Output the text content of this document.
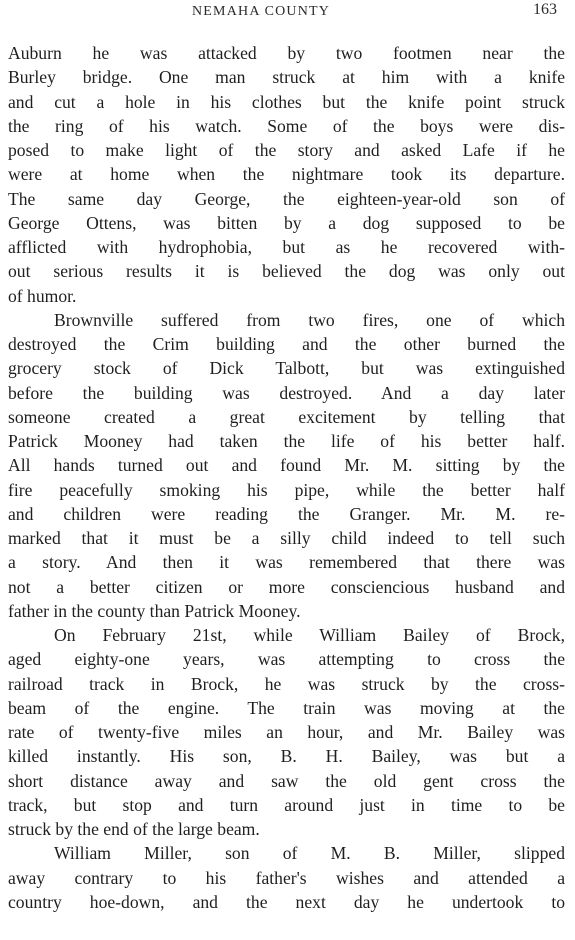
NEMAHA COUNTY	163
Auburn he was attacked by two footmen near the
Burley bridge. One man struck at him with a knife
and cut a hole in his clothes but the knife point struck
the ring of his watch. Some of the boys were dis-
posed to make light of the story and asked Lafe if he
were at home when the nightmare took its departure.
The same day George, the eighteen-year-old son of
George Ottens, was bitten by a dog supposed to be
afflicted with hydrophobia, but as he recovered with-
out serious results it is believed the dog was only out
of humor.
Brownville suffered from two fires, one of which
destroyed the Crim building and the other burned the
grocery stock of Dick Talbott, but was extinguished
before the building was destroyed. And a day later
someone created a great excitement by telling that
Patrick Mooney had taken the life of his better half.
All hands turned out and found Mr. M. sitting by the
fire peacefully smoking his pipe, while the better half
and children were reading the Granger. Mr. M. re-
marked that it must be a silly child indeed to tell such
a story. And then it was remembered that there was
not a better citizen or more consciencious husband and
father in the county than Patrick Mooney.
On February 21st, while William Bailey of Brock,
aged eighty-one years, was attempting to cross the
railroad track in Brock, he was struck by the cross-
beam of the engine. The train was moving at the
rate of twenty-five miles an hour, and Mr. Bailey was
killed instantly. His son, B. H. Bailey, was but a
short distance away and saw the old gent cross the
track, but stop and turn around just in time to be
struck by the end of the large beam.
William Miller, son of M. B. Miller, slipped
away contrary to his father's wishes and attended a
country hoe-down, and the next day he undertook to
